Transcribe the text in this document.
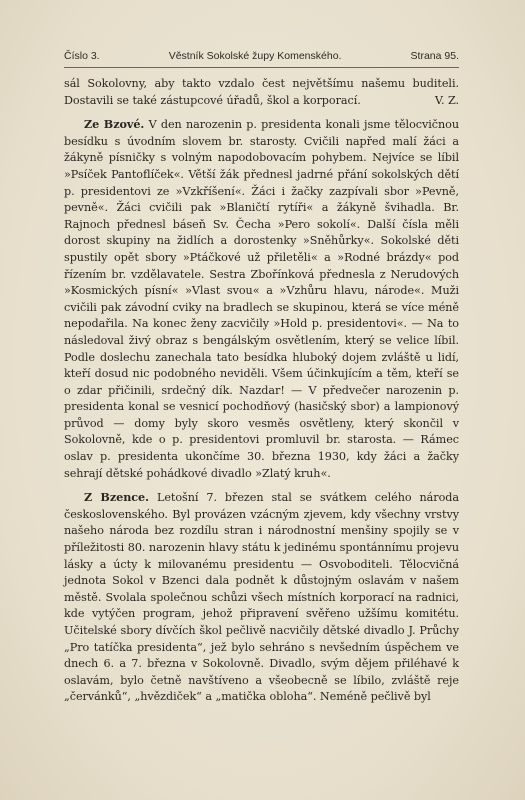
Číslo 3.	Věstník Sokolské župy Komenského.	Strana 95.

sál Sokolovny, aby takto vzdalo čest největšímu našemu buditeli. Dostavili se také zástupcové úřadů, škol a korporací.	V. Z.

Ze Bzové. V den narozenin p. presidenta konali jsme tělocvičnou besídku s úvodním slovem br. starosty. Cvičili napřed malí žáci a žákyně písničky s volným napodobovacím pohybem. Nejvíce se líbil »Psíček Pantoflíček«. Větší žák přednesl jadrné přání sokolských dětí p. presidentovi ze »Vzkříšení«. Žáci i žačky zazpívali sbor »Pevně, pevně«. Žáci cvičili pak »Blaničtí rytíři« a žákyně švihadla. Br. Rajnoch přednesl báseň Sv. Čecha »Pero sokolí«. Další čísla měli dorost skupiny na židlích a dorostenky »Sněhůrky«. Sokolské děti spustily opět sbory »Ptáčkové už přiletěli« a »Rodné brázdy« pod řízením br. vzdělavatele. Sestra Zbořínková přednesla z Nerudových »Kosmických písní« »Vlast svou« a »Vzhůru hlavu, národe«. Muži cvičili pak závodní cviky na bradlech se skupinou, která se více méně nepodařila. Na konec ženy zacvičily »Hold p. presidentovi«. — Na to následoval živý obraz s bengálským osvětlením, který se velice líbil. Podle doslechu zanechala tato besídka hluboký dojem zvláště u lidí, kteří dosud nic podobného neviděli. Všem účinkujícím a těm, kteří se o zdar přičinili, srdečný dík. Nazdar! — V předvečer narozenin p. presidenta konal se vesnicí pochodňový (hasičský sbor) a lampionový průvod — domy byly skoro vesměs osvětleny, který skončil v Sokolovně, kde o p. presidentovi promluvil br. starosta. — Rámec oslav p. presidenta ukončíme 30. března 1930, kdy žáci a žačky sehrají dětské pohádkové divadlo »Zlatý kruh«.

Z Bzence. Letošní 7. březen stal se svátkem celého národa československého. Byl provázen vzácným zjevem, kdy všechny vrstvy našeho národa bez rozdílu stran i národnostní menšiny spojily se v příležitosti 80. narozenin hlavy státu k jedinému spontánnímu projevu lásky a úcty k milovanému presidentu — Osvoboditeli. Tělocvičná jednota Sokol v Bzenci dala podnět k důstojným oslavám v našem městě. Svolala společnou schůzi všech místních korporací na radnici, kde vytýčen program, jehož připravení svěřeno užšímu komitétu. Učitelské sbory dívčích škol pečlivě nacvičily dětské divadlo J. Průchy „Pro tatíčka presidenta“, jež bylo sehráno s nevšedním úspěchem ve dnech 6. a 7. března v Sokolovně. Divadlo, svým dějem přiléhavé k oslavám, bylo četně navštíveno a všeobecně se líbilo, zvláště reje „červánků“, „hvězdiček“ a „matička obloha“. Neméně pečlivě byl
